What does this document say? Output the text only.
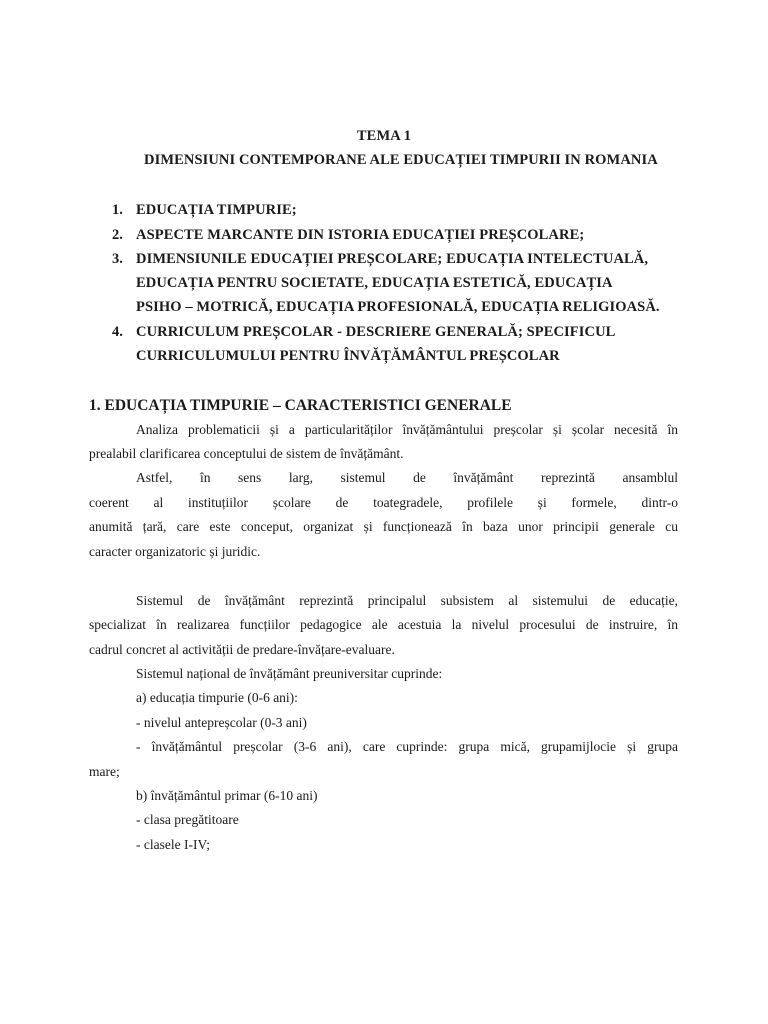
TEMA 1
DIMENSIUNI CONTEMPORANE ALE EDUCAȚIEI TIMPURII IN ROMANIA
1. EDUCAȚIA TIMPURIE;
2. ASPECTE MARCANTE DIN ISTORIA EDUCAȚIEI PREȘCOLARE;
3. DIMENSIUNILE EDUCAȚIEI PREȘCOLARE; EDUCAȚIA INTELECTUALĂ,
EDUCAȚIA PENTRU SOCIETATE, EDUCAȚIA ESTETICĂ, EDUCAȚIA
PSIHO – MOTRICĂ, EDUCAȚIA PROFESIONALĂ, EDUCAȚIA RELIGIOASĂ.
4. CURRICULUM PREȘCOLAR - DESCRIERE GENERALĂ; SPECIFICUL
CURRICULUMULUI PENTRU ÎNVĂȚĂMÂNTUL PREȘCOLAR
1. EDUCAȚIA TIMPURIE – CARACTERISTICI GENERALE
Analiza problematicii și a particularităților învățământului preșcolar și școlar necesită în
prealabil clarificarea conceptului de sistem de învățământ.
Astfel, în sens larg, sistemul de învățământ reprezintă ansamblul
coerent al instituțiilor școlare de toategradele, profilele și formele, dintr-o
anumită țară, care este conceput, organizat și funcționează în baza unor principii generale cu
caracter organizatoric și juridic.
Sistemul de învățământ reprezintă principalul subsistem al sistemului de educație,
specializat în realizarea funcțiilor pedagogice ale acestuia la nivelul procesului de instruire, în
cadrul concret al activității de predare-învățare-evaluare.
Sistemul național de învățământ preuniversitar cuprinde:
a) educația timpurie (0-6 ani):
- nivelul antepreșcolar (0-3 ani)
- învățământul preșcolar (3-6 ani), care cuprinde: grupa mică, grupamijlocie și grupa
mare;
b) învățământul primar (6-10 ani)
- clasa pregătitoare
- clasele I-IV;
